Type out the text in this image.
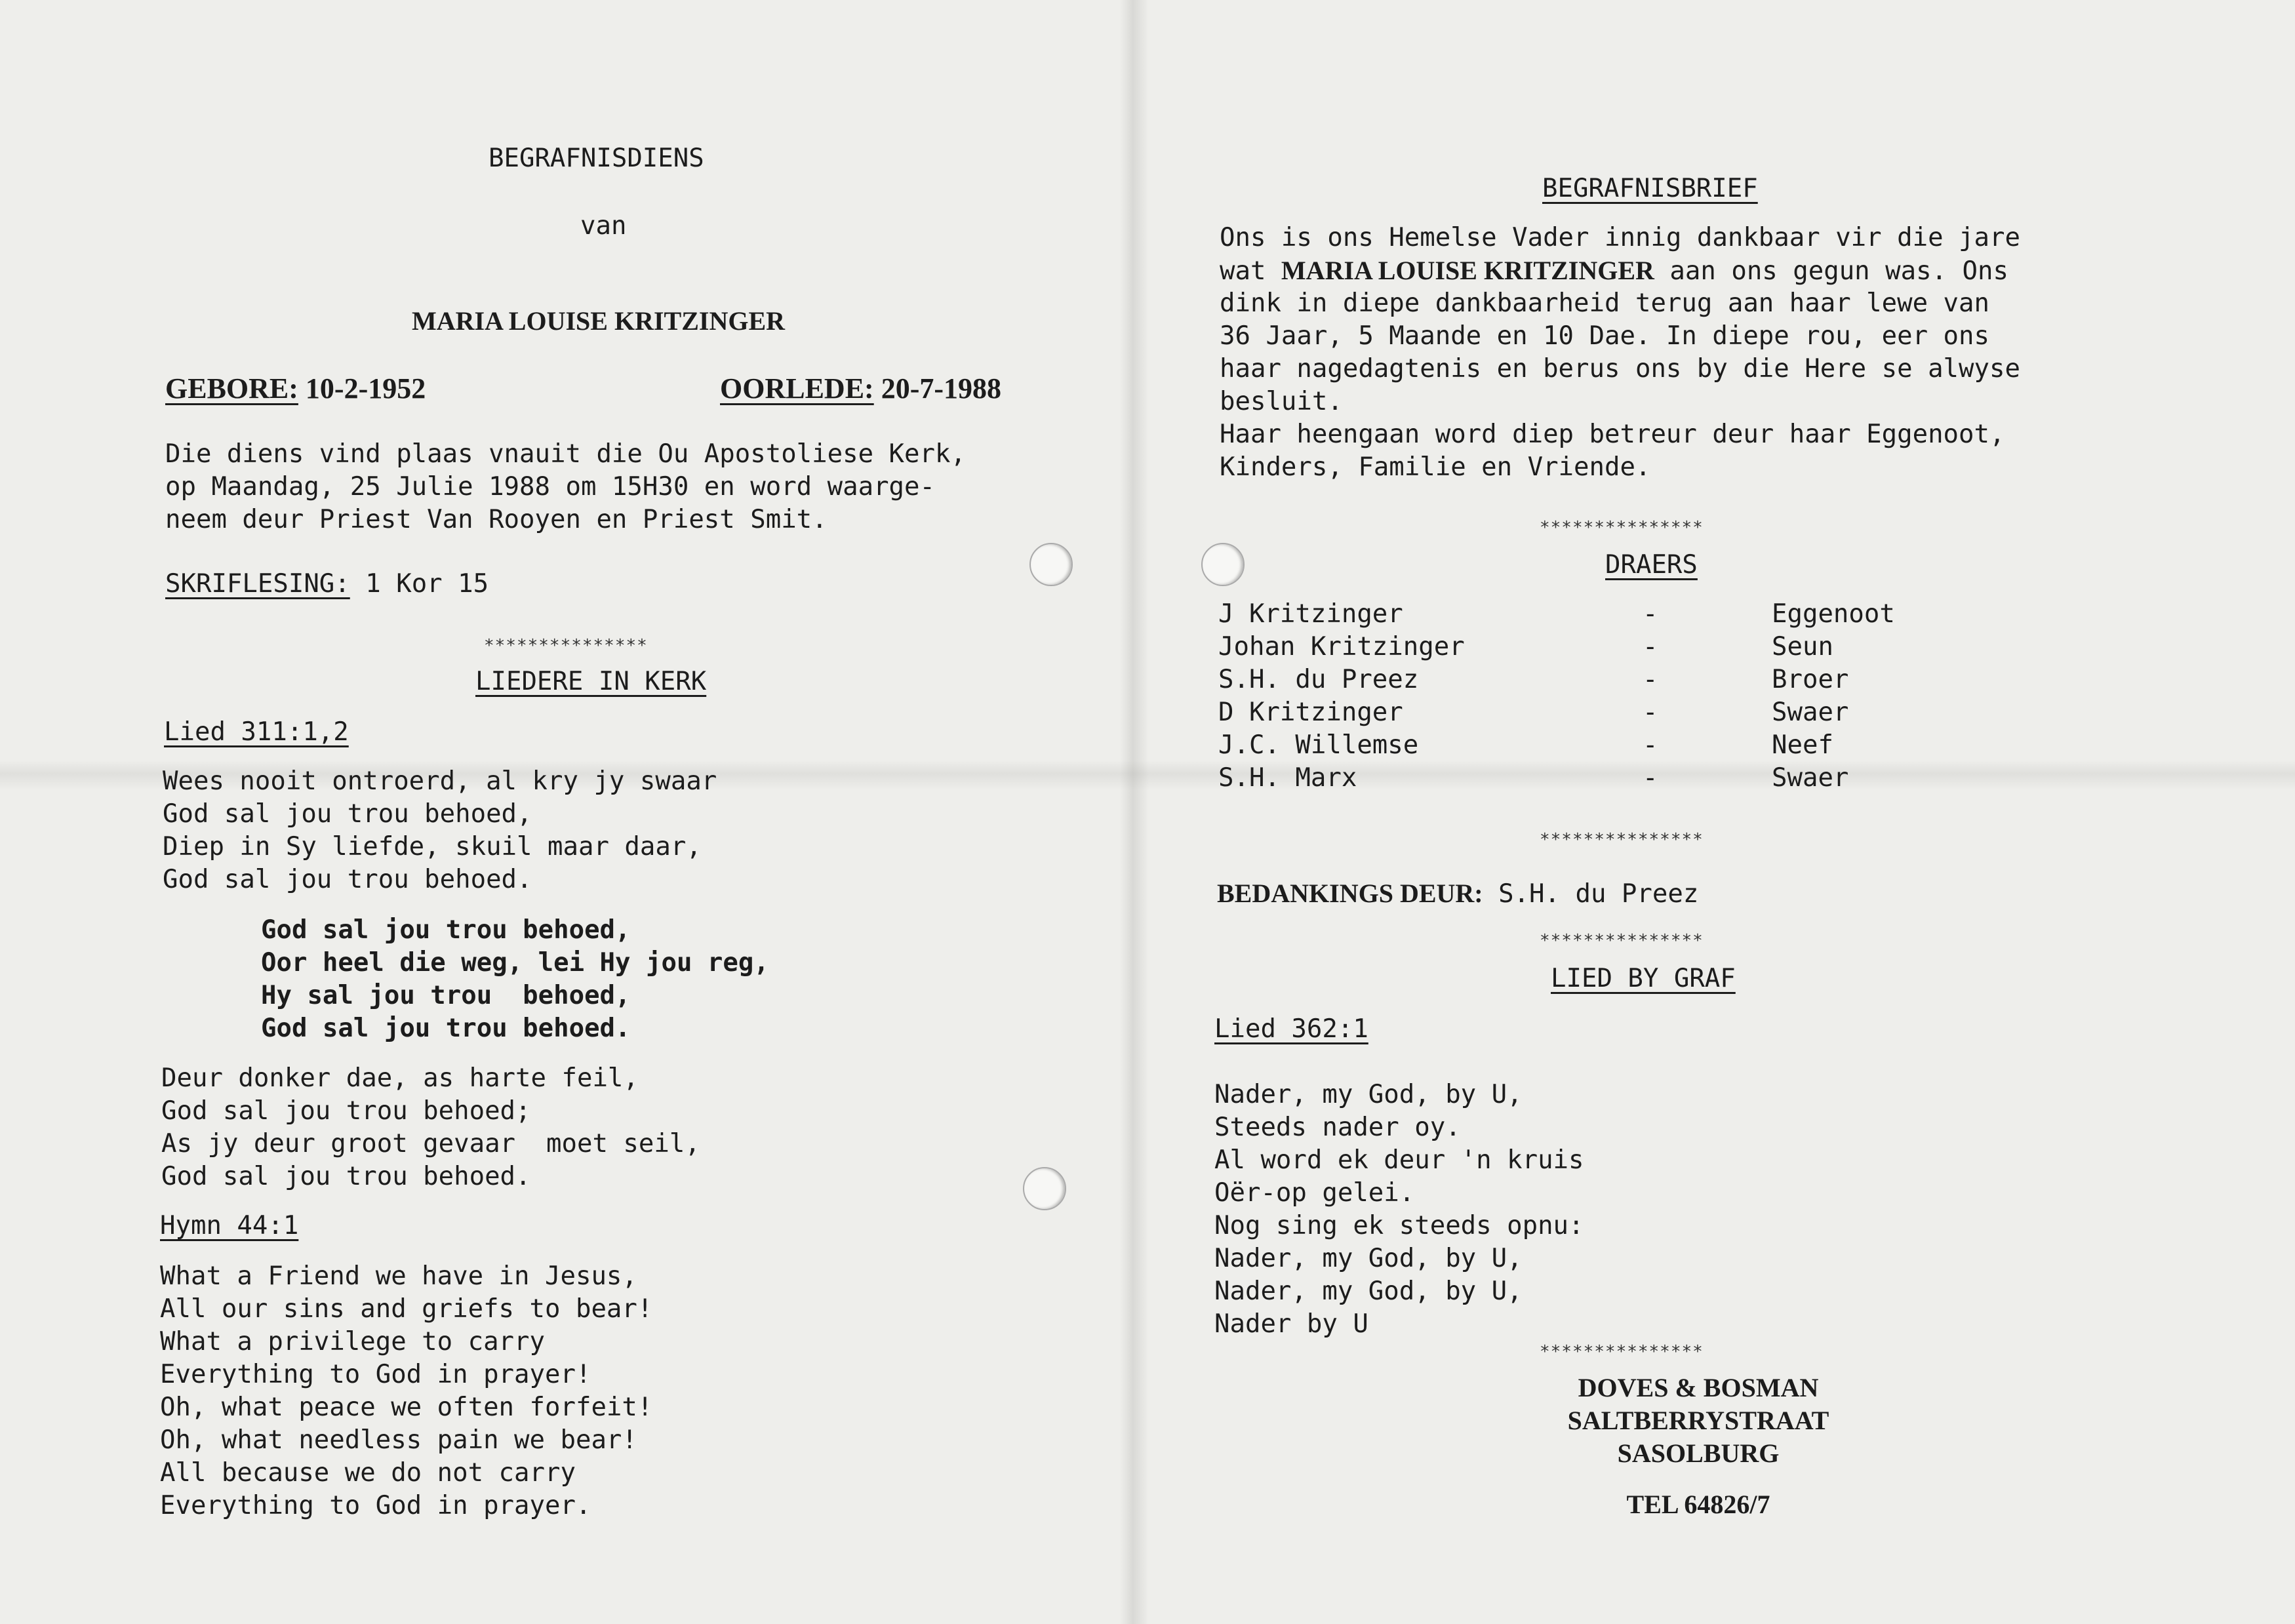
BEGRAFNISDIENS
van
MARIA LOUISE KRITZINGER
GEBORE: 10-2-1952	OORLEDE: 20-7-1988
Die diens vind plaas vnauit die Ou Apostoliese Kerk,
op Maandag, 25 Julie 1988 om 15H30 en word waarge-
neem deur Priest Van Rooyen en Priest Smit.
SKRIFLESING: 1 Kor 15
***************
LIEDERE IN KERK
Lied 311:1,2
Wees nooit ontroerd, al kry jy swaar
God sal jou trou behoed,
Diep in Sy liefde, skuil maar daar,
God sal jou trou behoed.
God sal jou trou behoed,
Oor heel die weg, lei Hy jou reg,
Hy sal jou trou  behoed,
God sal jou trou behoed.
Deur donker dae, as harte feil,
God sal jou trou behoed;
As jy deur groot gevaar  moet seil,
God sal jou trou behoed.
Hymn 44:1
What a Friend we have in Jesus,
All our sins and griefs to bear!
What a privilege to carry
Everything to God in prayer!
Oh, what peace we often forfeit!
Oh, what needless pain we bear!
All because we do not carry
Everything to God in prayer.
BEGRAFNISBRIEF
Ons is ons Hemelse Vader innig dankbaar vir die jare
wat MARIA LOUISE KRITZINGER aan ons gegun was. Ons
dink in diepe dankbaarheid terug aan haar lewe van
36 Jaar, 5 Maande en 10 Dae. In diepe rou, eer ons
haar nagedagtenis en berus ons by die Here se alwyse
besluit.
Haar heengaan word diep betreur deur haar Eggenoot,
Kinders, Familie en Vriende.
***************
DRAERS
J Kritzinger	-	Eggenoot
Johan Kritzinger	-	Seun
S.H. du Preez	-	Broer
D Kritzinger	-	Swaer
J.C. Willemse	-	Neef
S.H. Marx	-	Swaer
***************
BEDANKINGS DEUR: S.H. du Preez
***************
LIED BY GRAF
Lied 362:1
Nader, my God, by U,
Steeds nader oy.
Al word ek deur 'n kruis
Oër-op gelei.
Nog sing ek steeds opnu:
Nader, my God, by U,
Nader, my God, by U,
Nader by U
***************
DOVES & BOSMAN
SALTBERRYSTRAAT
SASOLBURG
TEL 64826/7
